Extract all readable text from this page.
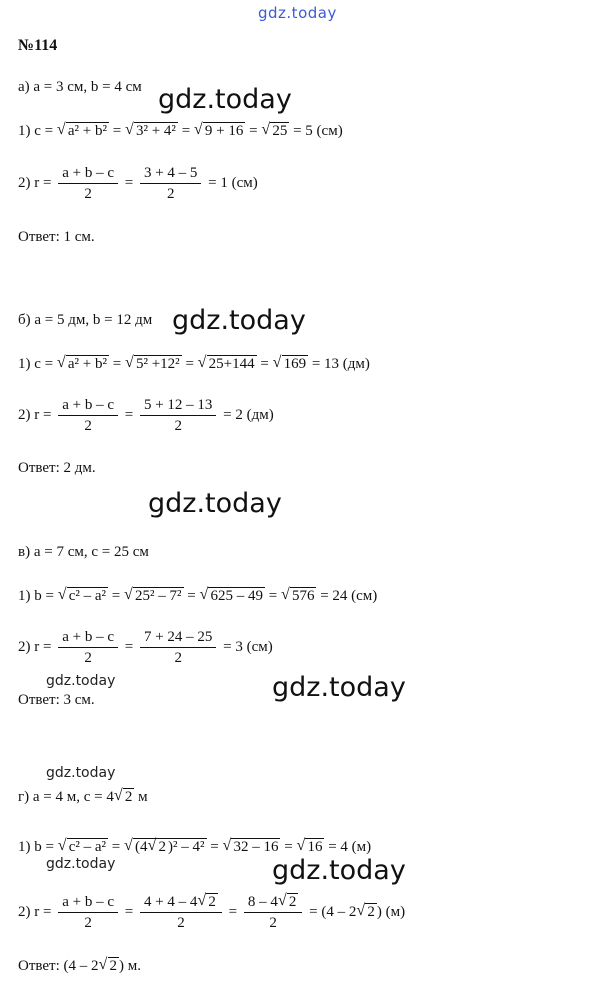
gdz.today
№114
а) a = 3 см, b = 4 см gdz.today
1) c = √ a² + b² = √ 3² + 4² = √ 9 + 16 = √ 25 = 5 (см)
2) $r = \frac{a + b - c}{2} = \frac{3 + 4 - 5}{2} = 1$ (см)
Ответ: 1 см.
б) a = 5 дм, b = 12 дм gdz.today
1) c = √ a² + b² = √ 5² +12² = √ 25+144 = √ 169 = 13 (дм)
2) $r = \frac{a + b - c}{2} = \frac{5 + 12 - 13}{2} = 2$ (дм)
Ответ: 2 дм.
gdz.today
в) a = 7 см, c = 25 см
1) b = √ c² – a² = √ 25² – 7² = √ 625 – 49 = √ 576 = 24 (см)
2) $r = \frac{a + b - c}{2} = \frac{7 + 24 - 25}{2} = 3$ (см)
gdz.today
Ответ: 3 см.	gdz.today
gdz.today
г) a = 4 м, c = 4√ 2 м
1) b = √ c² – a² = √ (4√ 2 )² – 4² = √ 32 – 16 = √ 16 = 4 (м)
gdz.today	gdz.today
2) $r = \frac{a + b - c}{2} = \frac{4 + 4 - 4√ 2}{2} = \frac{8 - 4√ 2}{2} = (4 - 2√$ 2 ) (м)
Ответ: (4 – 2√ 2 ) м.
